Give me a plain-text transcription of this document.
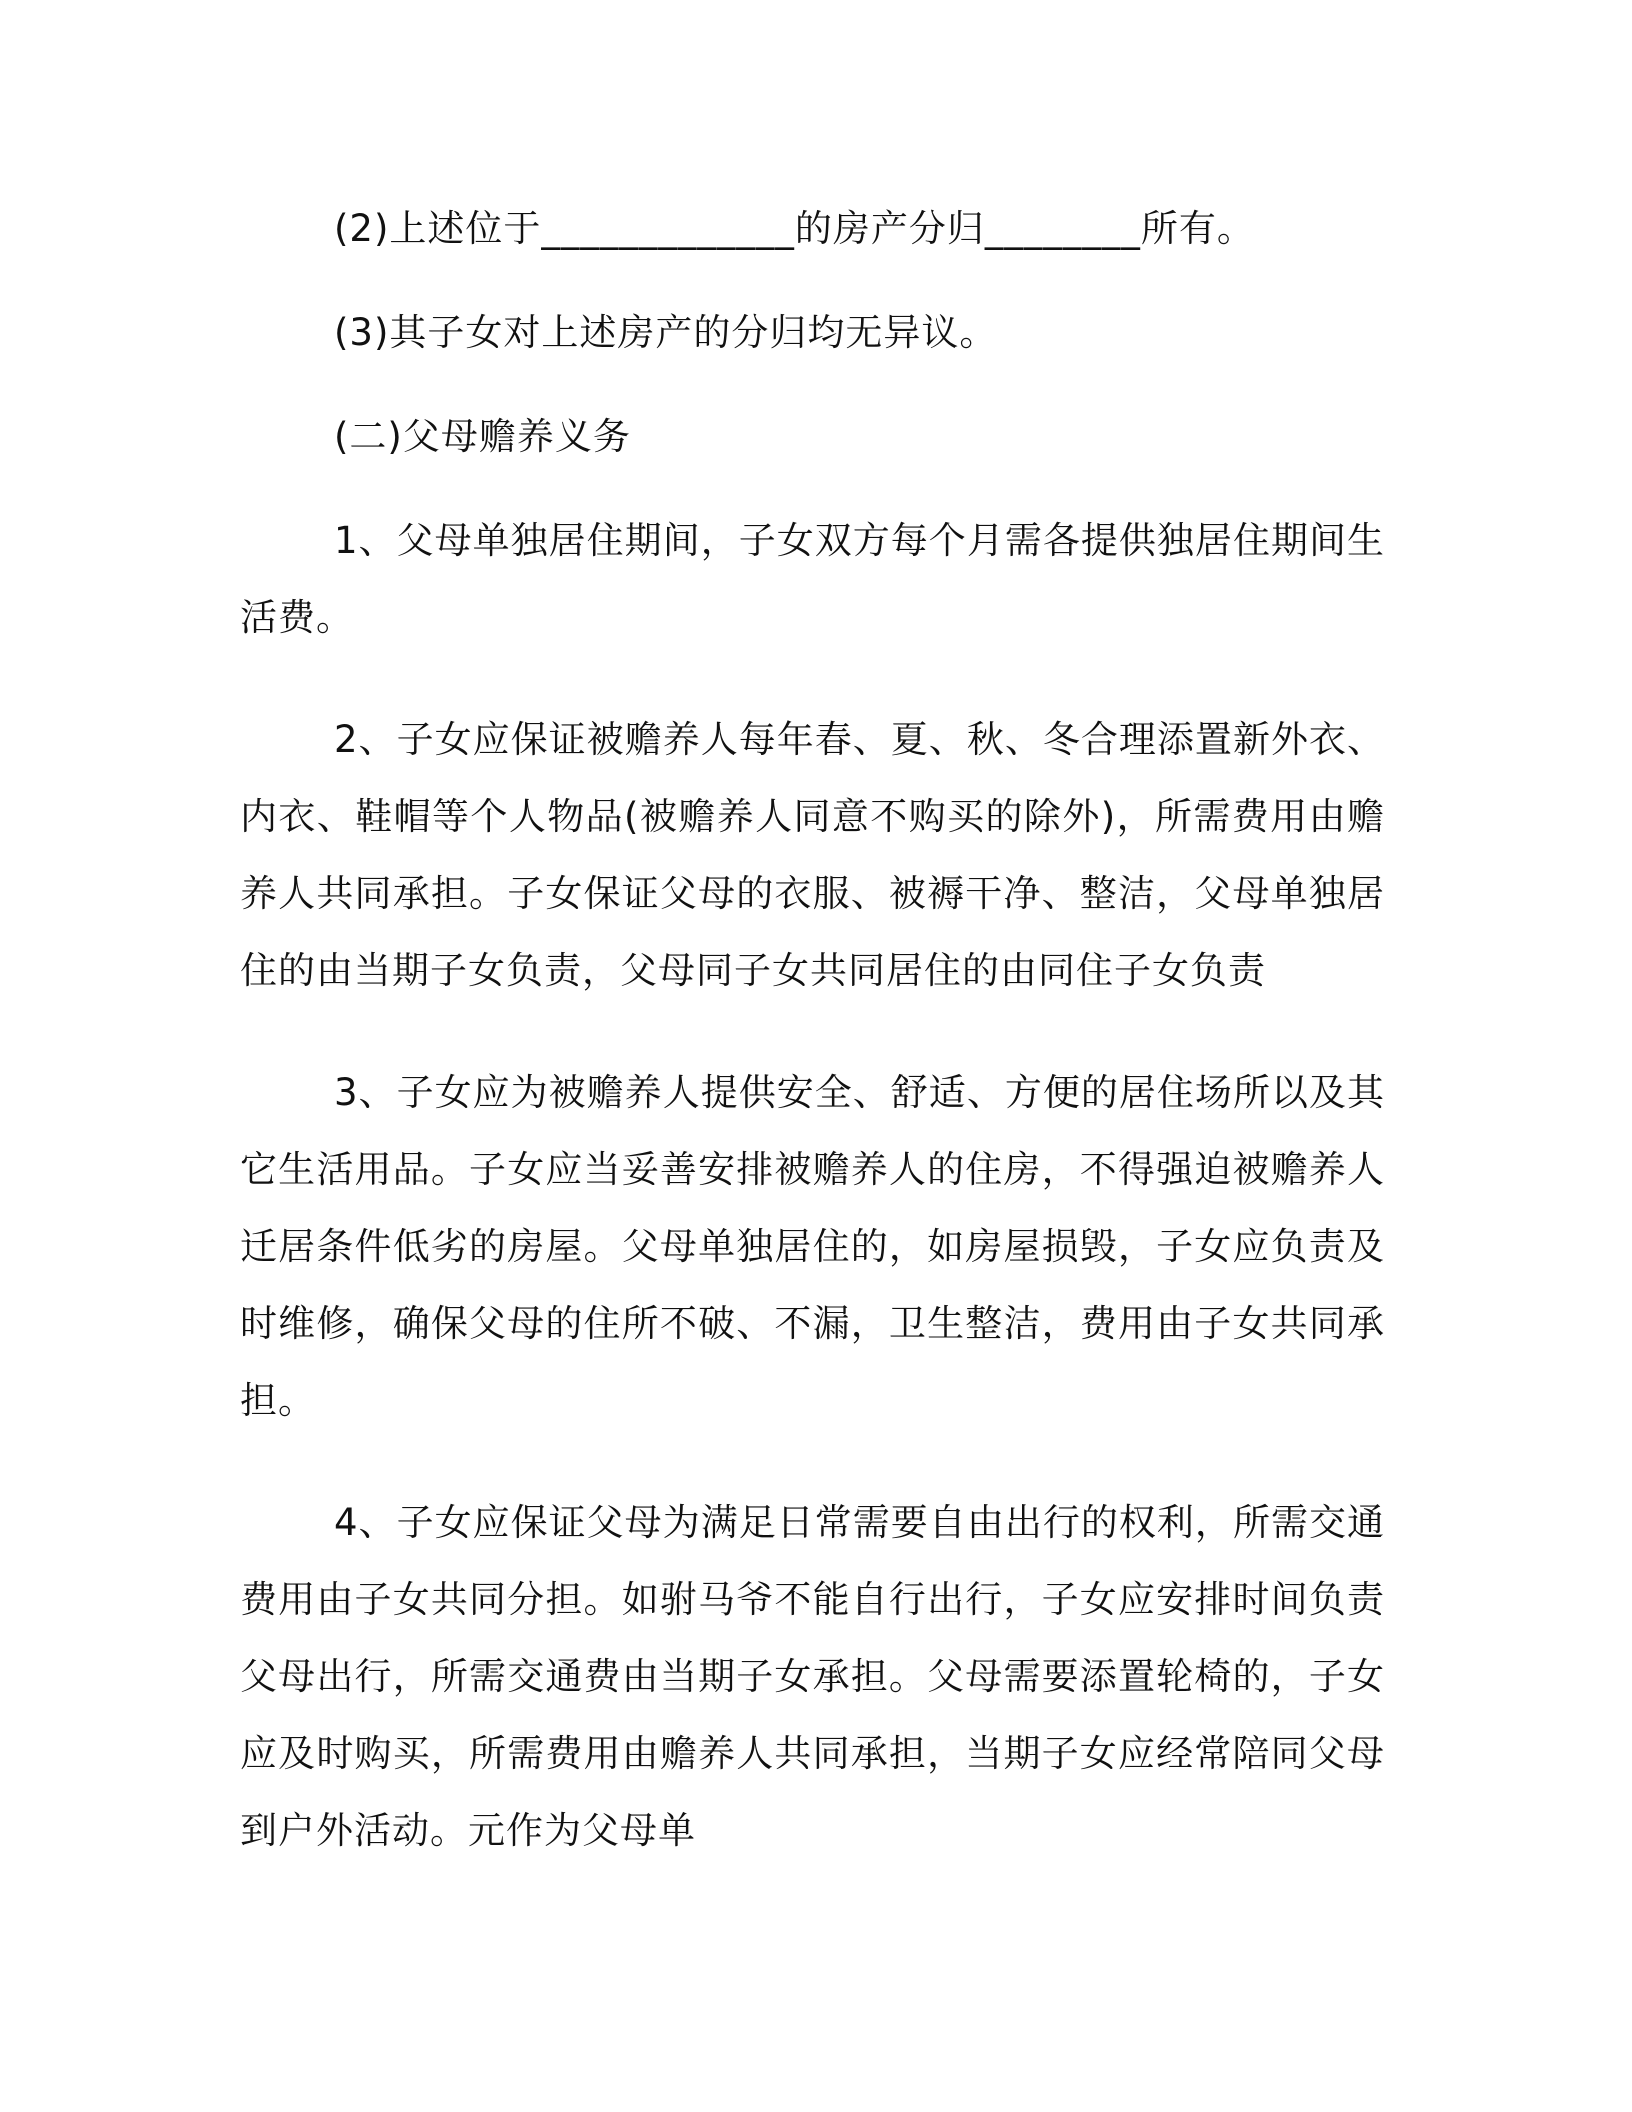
(2)上述位于_____________的房产分归________所有。

(3)其子女对上述房产的分归均无异议。

(二)父母赡养义务

1、父母单独居住期间，子女双方每个月需各提供独居住期间生活费。

2、子女应保证被赡养人每年春、夏、秋、冬合理添置新外衣、内衣、鞋帽等个人物品(被赡养人同意不购买的除外)，所需费用由赡养人共同承担。子女保证父母的衣服、被褥干净、整洁，父母单独居住的由当期子女负责，父母同子女共同居住的由同住子女负责

3、子女应为被赡养人提供安全、舒适、方便的居住场所以及其它生活用品。子女应当妥善安排被赡养人的住房，不得强迫被赡养人迁居条件低劣的房屋。父母单独居住的，如房屋损毁，子女应负责及时维修，确保父母的住所不破、不漏，卫生整洁，费用由子女共同承担。

4、子女应保证父母为满足日常需要自由出行的权利，所需交通费用由子女共同分担。如驸马爷不能自行出行，子女应安排时间负责父母出行，所需交通费由当期子女承担。父母需要添置轮椅的，子女应及时购买，所需费用由赡养人共同承担，当期子女应经常陪同父母到户外活动。元作为父母单
